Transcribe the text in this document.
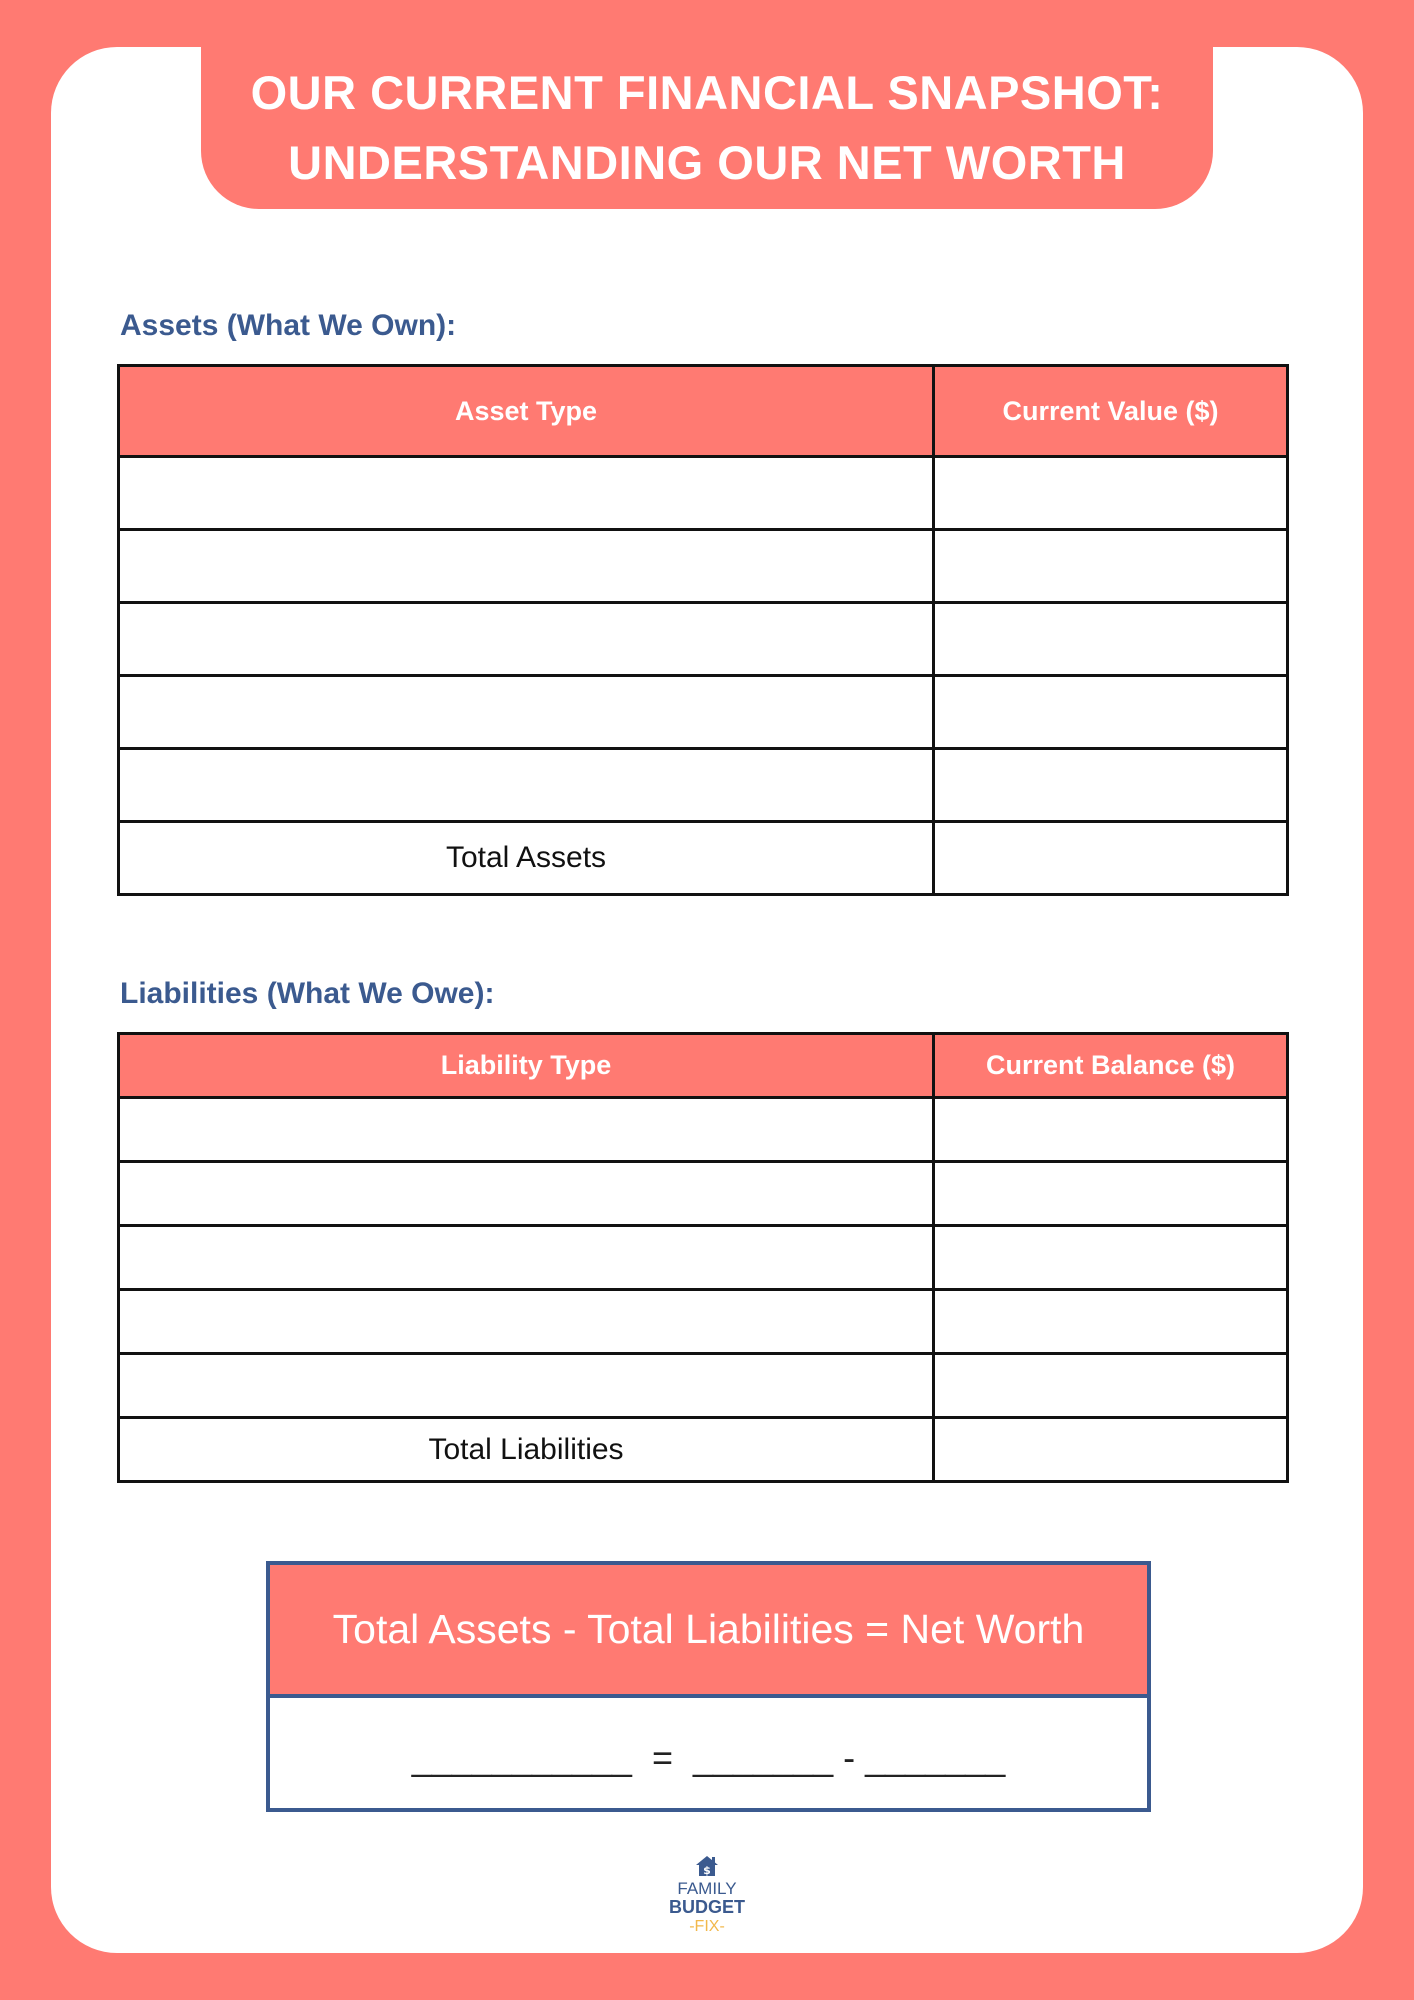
OUR CURRENT FINANCIAL SNAPSHOT:
UNDERSTANDING OUR NET WORTH
Assets (What We Own):
Asset Type	Current Value ($)

Total Assets	
Liabilities (What We Owe):
Liability Type	Current Balance ($)

Total Liabilities	
Total Assets - Total Liabilities = Net Worth
___________  =  _______ - _______
$
FAMILY
BUDGET
-FIX-
